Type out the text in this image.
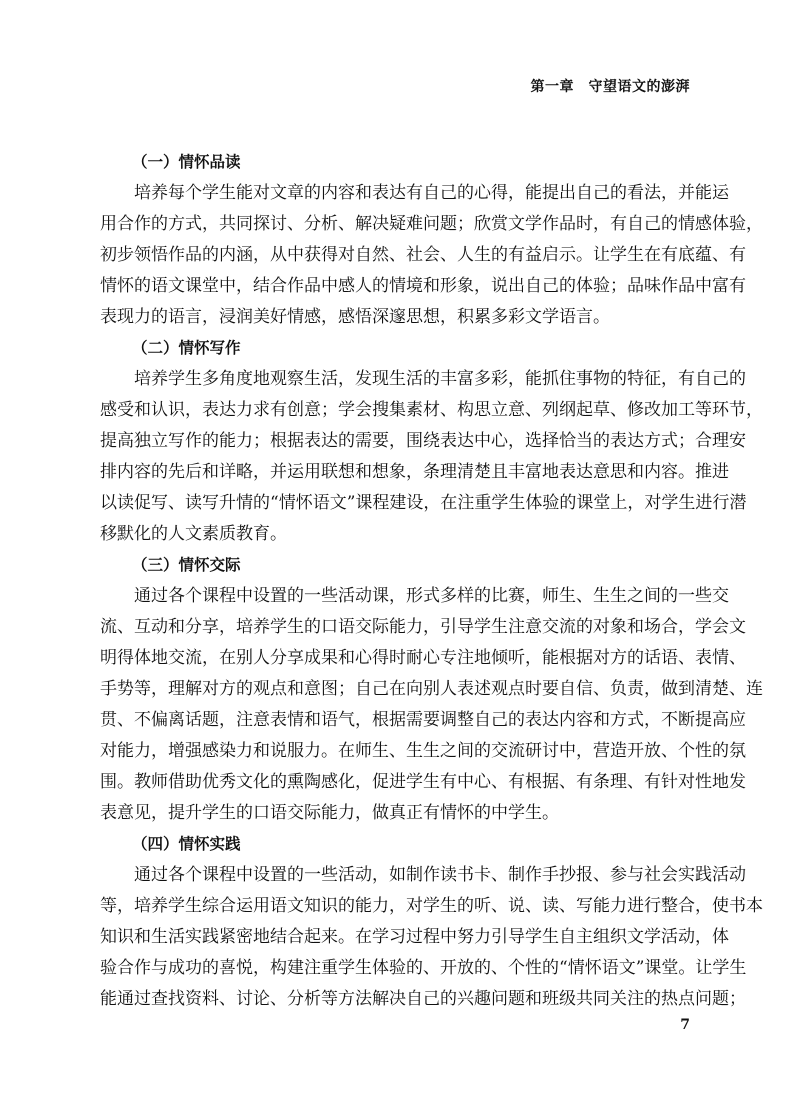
第一章　守望语文的澎湃
（一）情怀品读

培养每个学生能对文章的内容和表达有自己的心得，能提出自己的看法，并能运
用合作的方式，共同探讨、分析、解决疑难问题；欣赏文学作品时，有自己的情感体验，
初步领悟作品的内涵，从中获得对自然、社会、人生的有益启示。让学生在有底蕴、有
情怀的语文课堂中，结合作品中感人的情境和形象，说出自己的体验；品味作品中富有
表现力的语言，浸润美好情感，感悟深邃思想，积累多彩文学语言。

（二）情怀写作

培养学生多角度地观察生活，发现生活的丰富多彩，能抓住事物的特征，有自己的
感受和认识，表达力求有创意；学会搜集素材、构思立意、列纲起草、修改加工等环节，
提高独立写作的能力；根据表达的需要，围绕表达中心，选择恰当的表达方式；合理安
排内容的先后和详略，并运用联想和想象，条理清楚且丰富地表达意思和内容。推进
以读促写、读写升情的“情怀语文”课程建设，在注重学生体验的课堂上，对学生进行潜
移默化的人文素质教育。

（三）情怀交际

通过各个课程中设置的一些活动课，形式多样的比赛，师生、生生之间的一些交
流、互动和分享，培养学生的口语交际能力，引导学生注意交流的对象和场合，学会文
明得体地交流，在别人分享成果和心得时耐心专注地倾听，能根据对方的话语、表情、
手势等，理解对方的观点和意图；自己在向别人表述观点时要自信、负责，做到清楚、连
贯、不偏离话题，注意表情和语气，根据需要调整自己的表达内容和方式，不断提高应
对能力，增强感染力和说服力。在师生、生生之间的交流研讨中，营造开放、个性的氛
围。教师借助优秀文化的熏陶感化，促进学生有中心、有根据、有条理、有针对性地发
表意见，提升学生的口语交际能力，做真正有情怀的中学生。

（四）情怀实践

通过各个课程中设置的一些活动，如制作读书卡、制作手抄报、参与社会实践活动
等，培养学生综合运用语文知识的能力，对学生的听、说、读、写能力进行整合，使书本
知识和生活实践紧密地结合起来。在学习过程中努力引导学生自主组织文学活动，体
验合作与成功的喜悦，构建注重学生体验的、开放的、个性的“情怀语文”课堂。让学生
能通过查找资料、讨论、分析等方法解决自己的兴趣问题和班级共同关注的热点问题；

7
